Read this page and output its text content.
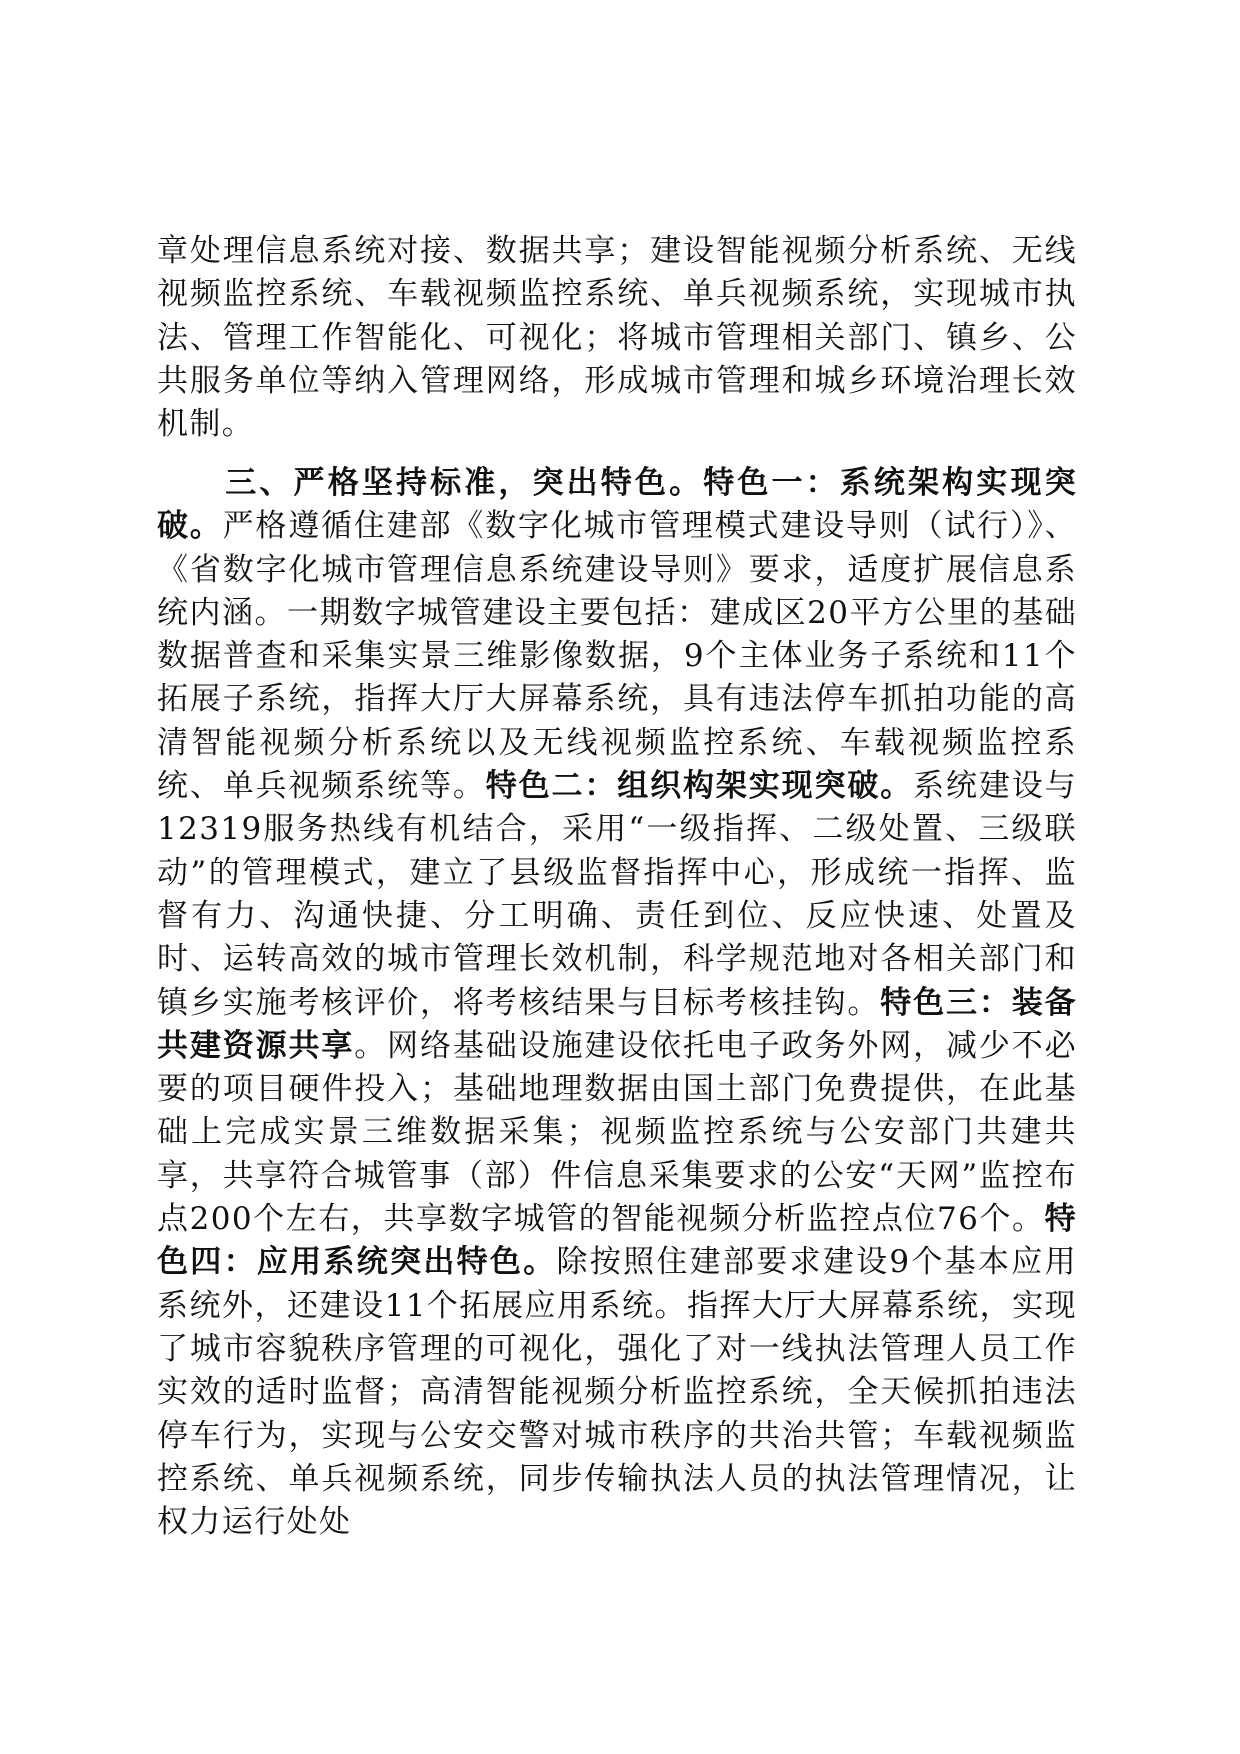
章处理信息系统对接、数据共享；建设智能视频分析系统、无线视频监控系统、车载视频监控系统、单兵视频系统，实现城市执法、管理工作智能化、可视化；将城市管理相关部门、镇乡、公共服务单位等纳入管理网络，形成城市管理和城乡环境治理长效机制。

　　三、严格坚持标准，突出特色。特色一：系统架构实现突破。严格遵循住建部《数字化城市管理模式建设导则（试行）》、《省数字化城市管理信息系统建设导则》要求，适度扩展信息系统内涵。一期数字城管建设主要包括：建成区20平方公里的基础数据普查和采集实景三维影像数据，9个主体业务子系统和11个拓展子系统，指挥大厅大屏幕系统，具有违法停车抓拍功能的高清智能视频分析系统以及无线视频监控系统、车载视频监控系统、单兵视频系统等。特色二：组织构架实现突破。系统建设与12319服务热线有机结合，采用“一级指挥、二级处置、三级联动”的管理模式，建立了县级监督指挥中心，形成统一指挥、监督有力、沟通快捷、分工明确、责任到位、反应快速、处置及时、运转高效的城市管理长效机制，科学规范地对各相关部门和镇乡实施考核评价，将考核结果与目标考核挂钩。特色三：装备共建资源共享。网络基础设施建设依托电子政务外网，减少不必要的项目硬件投入；基础地理数据由国土部门免费提供，在此基础上完成实景三维数据采集；视频监控系统与公安部门共建共享，共享符合城管事（部）件信息采集要求的公安“天网”监控布点200个左右，共享数字城管的智能视频分析监控点位76个。特色四：应用系统突出特色。除按照住建部要求建设9个基本应用系统外，还建设11个拓展应用系统。指挥大厅大屏幕系统，实现了城市容貌秩序管理的可视化，强化了对一线执法管理人员工作实效的适时监督；高清智能视频分析监控系统，全天候抓拍违法停车行为，实现与公安交警对城市秩序的共治共管；车载视频监控系统、单兵视频系统，同步传输执法人员的执法管理情况，让权力运行处处
